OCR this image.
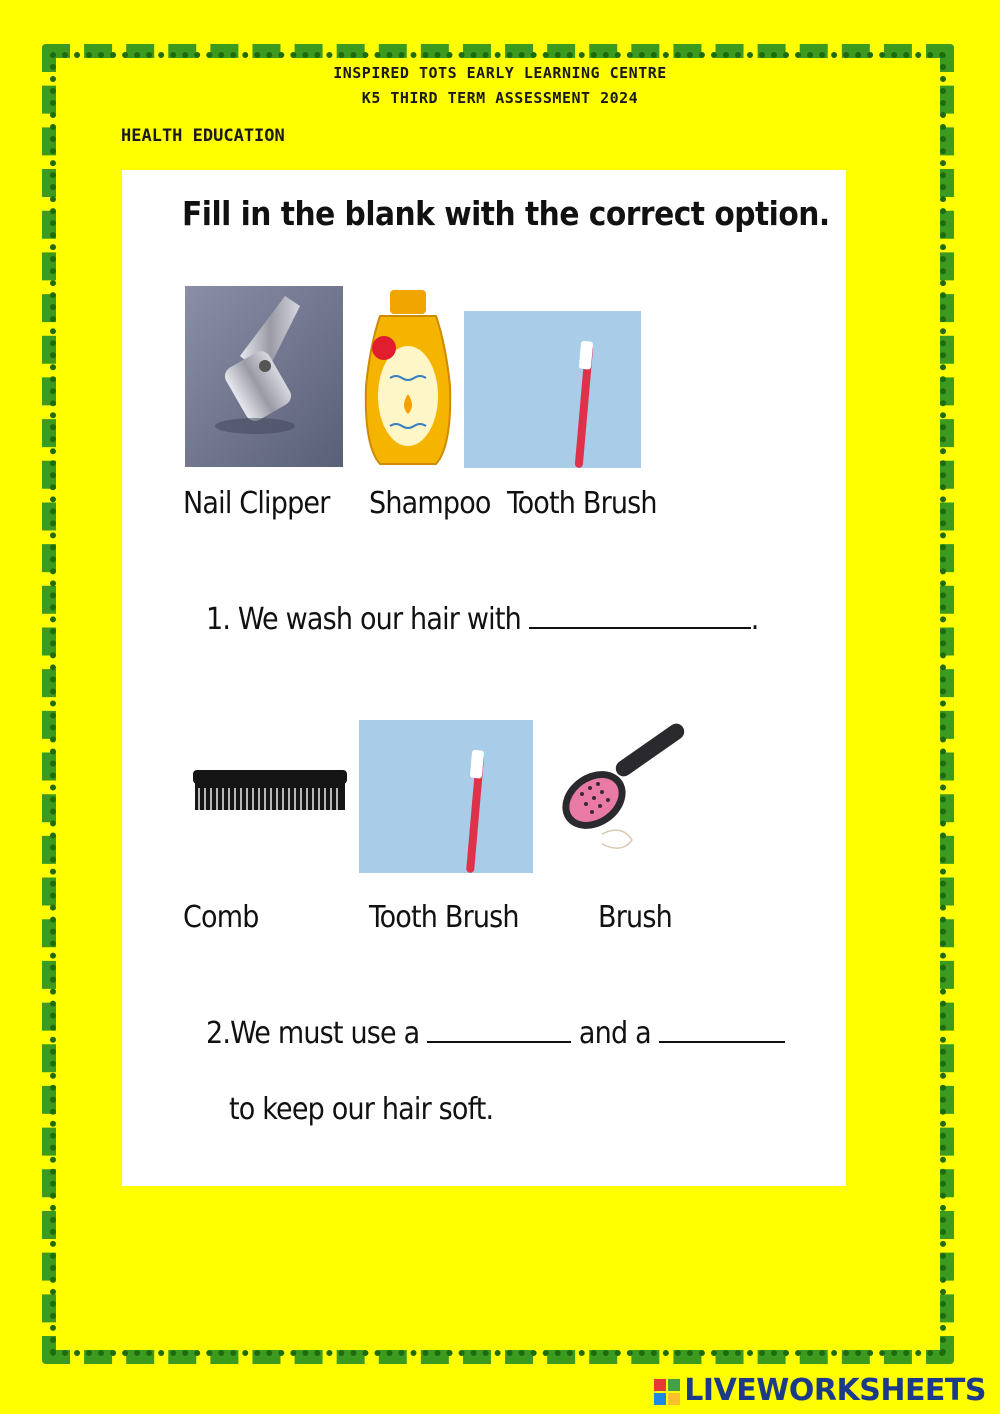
INSPIRED TOTS EARLY LEARNING CENTRE
K5 THIRD TERM ASSESSMENT 2024
HEALTH EDUCATION
Fill in the blank with the correct option.
Nail Clipper Shampoo Tooth Brush
1. We wash our hair with	.
Comb	Tooth Brush	Brush
2.We must use a	and a
to keep our hair soft.
LIVEWORKSHEETS
